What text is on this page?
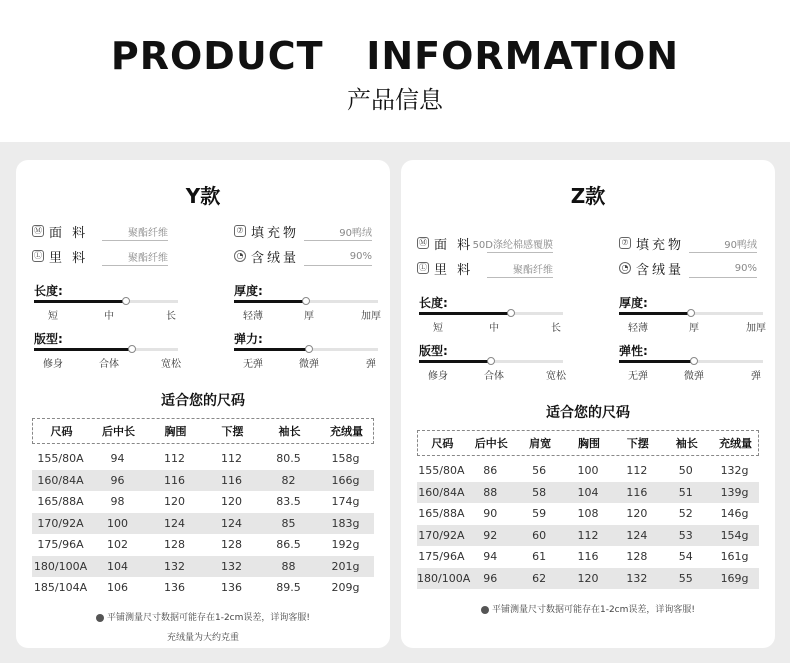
PRODUCT   INFORMATION
产品信息
Y款
Ⓜ 面 料	聚酯纤维
Ⓛ 里 料	聚酯纤维
⑦ 填充物	90鸭绒
◔ 含绒量	90%
长度:
短	中	长
版型:
修身	合体	宽松
厚度:
轻薄	厚	加厚
弹力:
无弹	微弹	弹
适合您的尺码
尺码	后中长	胸围	下摆	袖长	充绒量
155/80A	94	112	112	80.5	158g
160/84A	96	116	116	82	166g
165/88A	98	120	120	83.5	174g
170/92A	100	124	124	85	183g
175/96A	102	128	128	86.5	192g
180/100A	104	132	132	88	201g
185/104A	106	136	136	89.5	209g
平铺测量尺寸数据可能存在1-2cm误差，详询客服!
充绒量为大约克重
Z款
Ⓜ 面 料 50D涤纶棉感覆膜
Ⓛ 里 料	聚酯纤维
⑦ 填充物	90鸭绒
◔ 含绒量	90%
长度:
短	中	长
版型:
修身	合体	宽松
厚度:
轻薄	厚	加厚
弹性:
无弹	微弹	弹
适合您的尺码
尺码	后中长	肩宽	胸围	下摆	袖长	充绒量
155/80A	86	56	100	112	50	132g
160/84A	88	58	104	116	51	139g
165/88A	90	59	108	120	52	146g
170/92A	92	60	112	124	53	154g
175/96A	94	61	116	128	54	161g
180/100A	96	62	120	132	55	169g
平铺测量尺寸数据可能存在1-2cm误差，详询客服!
